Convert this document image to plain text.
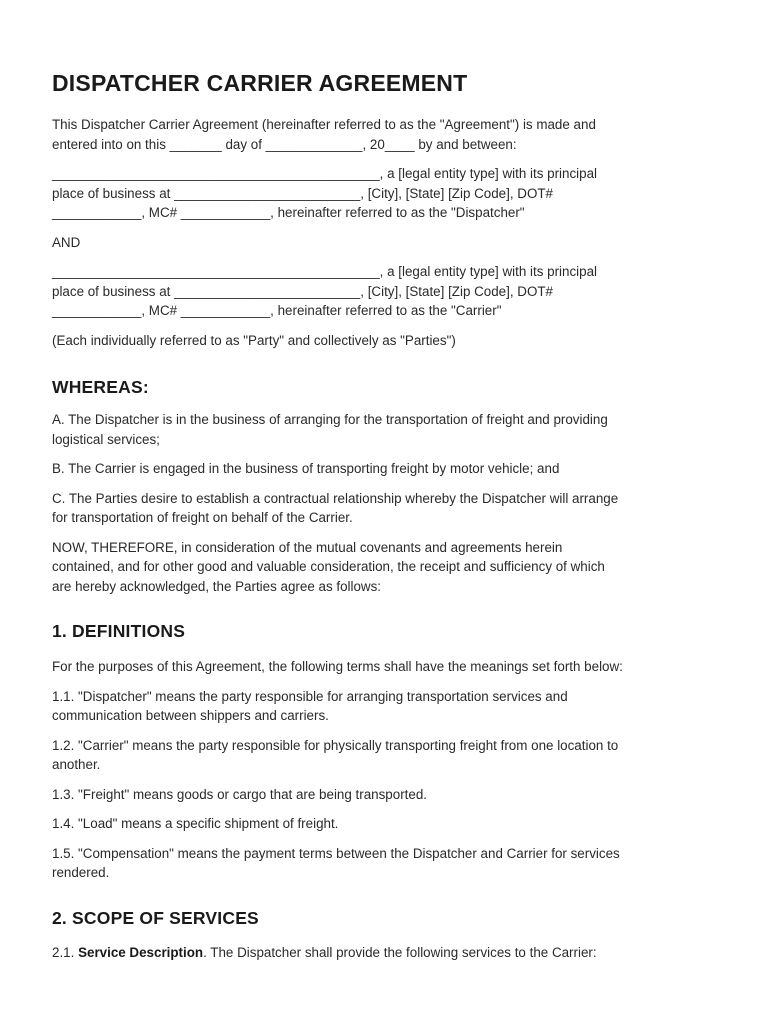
DISPATCHER CARRIER AGREEMENT

This Dispatcher Carrier Agreement (hereinafter referred to as the "Agreement") is made and
entered into on this _______ day of _____________, 20____ by and between:

____________________________________________, a [legal entity type] with its principal
place of business at _________________________, [City], [State] [Zip Code], DOT#
____________, MC# ____________, hereinafter referred to as the "Dispatcher"

AND

____________________________________________, a [legal entity type] with its principal
place of business at _________________________, [City], [State] [Zip Code], DOT#
____________, MC# ____________, hereinafter referred to as the "Carrier"

(Each individually referred to as "Party" and collectively as "Parties")

WHEREAS:

A. The Dispatcher is in the business of arranging for the transportation of freight and providing
logistical services;

B. The Carrier is engaged in the business of transporting freight by motor vehicle; and

C. The Parties desire to establish a contractual relationship whereby the Dispatcher will arrange
for transportation of freight on behalf of the Carrier.

NOW, THEREFORE, in consideration of the mutual covenants and agreements herein
contained, and for other good and valuable consideration, the receipt and sufficiency of which
are hereby acknowledged, the Parties agree as follows:

1. DEFINITIONS

For the purposes of this Agreement, the following terms shall have the meanings set forth below:

1.1. "Dispatcher" means the party responsible for arranging transportation services and
communication between shippers and carriers.

1.2. "Carrier" means the party responsible for physically transporting freight from one location to
another.

1.3. "Freight" means goods or cargo that are being transported.

1.4. "Load" means a specific shipment of freight.

1.5. "Compensation" means the payment terms between the Dispatcher and Carrier for services
rendered.

2. SCOPE OF SERVICES

2.1. Service Description. The Dispatcher shall provide the following services to the Carrier:
